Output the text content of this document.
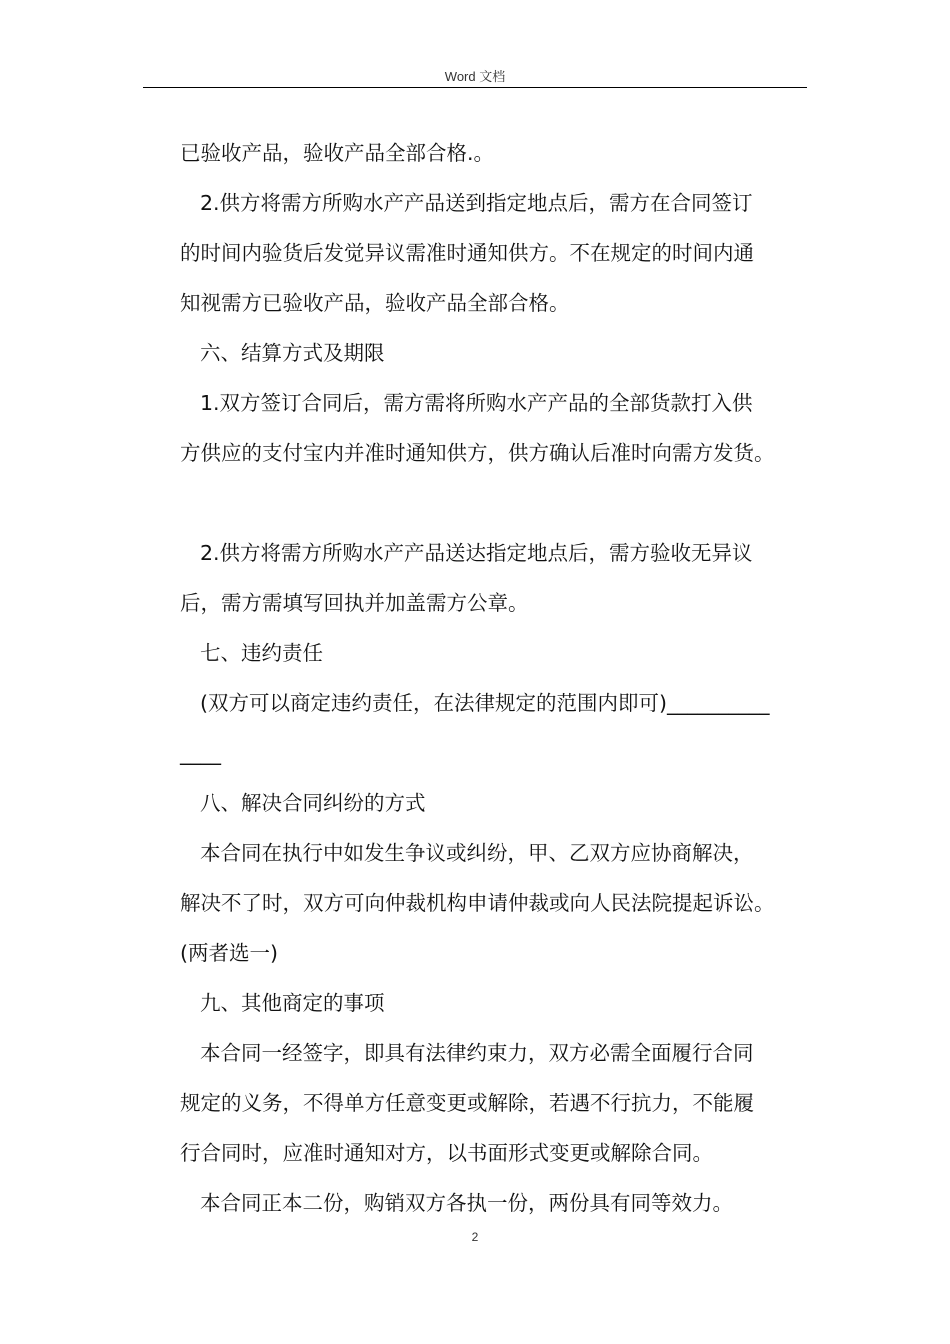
Word 文档

已验收产品，验收产品全部合格.。

2.供方将需方所购水产产品送到指定地点后，需方在合同签订

的时间内验货后发觉异议需准时通知供方。不在规定的时间内通

知视需方已验收产品，验收产品全部合格。

六、结算方式及期限

1.双方签订合同后，需方需将所购水产产品的全部货款打入供

方供应的支付宝内并准时通知供方，供方确认后准时向需方发货。

2.供方将需方所购水产产品送达指定地点后，需方验收无异议

后，需方需填写回执并加盖需方公章。

七、违约责任

(双方可以商定违约责任，在法律规定的范围内即可)__________

____

八、解决合同纠纷的方式

本合同在执行中如发生争议或纠纷，甲、乙双方应协商解决，

解决不了时，双方可向仲裁机构申请仲裁或向人民法院提起诉讼。

(两者选一)

九、其他商定的事项

本合同一经签字，即具有法律约束力，双方必需全面履行合同

规定的义务，不得单方任意变更或解除，若遇不行抗力，不能履

行合同时，应准时通知对方，以书面形式变更或解除合同。

本合同正本二份，购销双方各执一份，两份具有同等效力。

2
